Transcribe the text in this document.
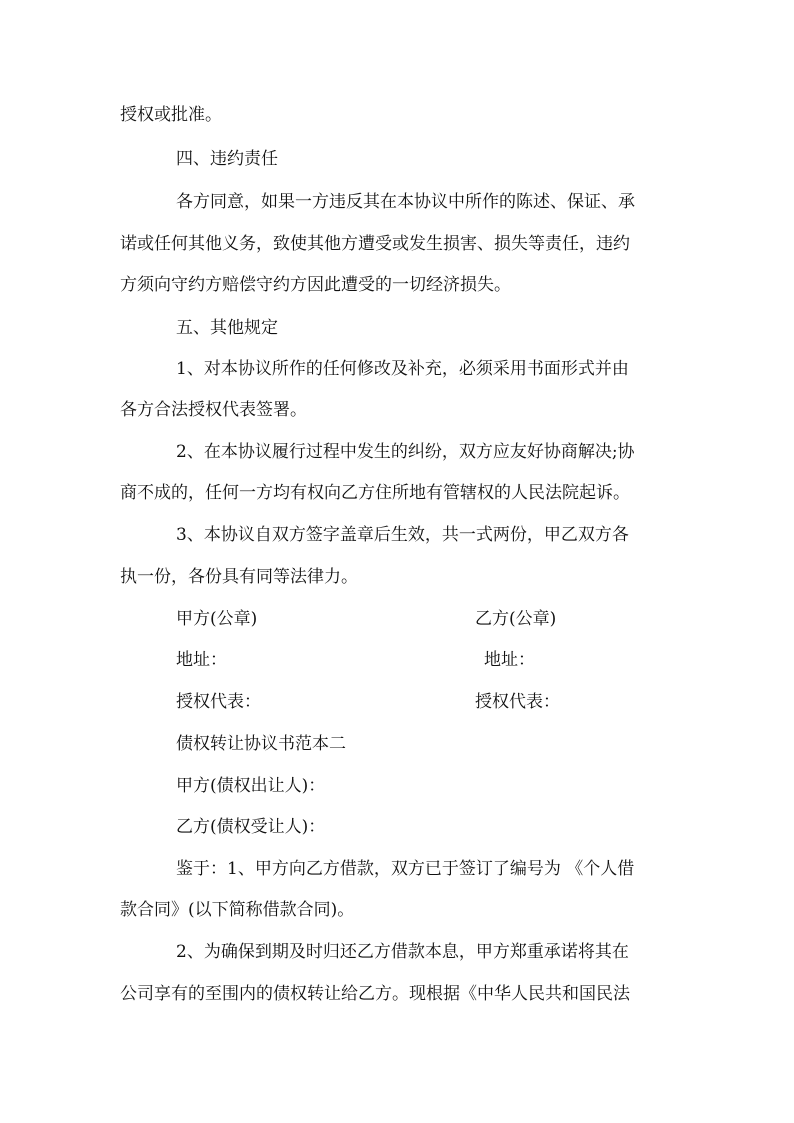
授权或批准。
四、违约责任
各方同意，如果一方违反其在本协议中所作的陈述、保证、承
诺或任何其他义务，致使其他方遭受或发生损害、损失等责任，违约
方须向守约方赔偿守约方因此遭受的一切经济损失。
五、其他规定
1、对本协议所作的任何修改及补充，必须采用书面形式并由
各方合法授权代表签署。
2、在本协议履行过程中发生的纠纷，双方应友好协商解决;协
商不成的，任何一方均有权向乙方住所地有管辖权的人民法院起诉。
3、本协议自双方签字盖章后生效，共一式两份，甲乙双方各
执一份，各份具有同等法律力。
甲方(公章)	乙方(公章)
地址：	地址：
授权代表：	授权代表：
债权转让协议书范本二
甲方(债权出让人)：
乙方(债权受让人)：
鉴于：1、甲方向乙方借款，双方已于签订了编号为 《个人借
款合同》(以下简称借款合同)。
2、为确保到期及时归还乙方借款本息，甲方郑重承诺将其在
公司享有的至围内的债权转让给乙方。现根据《中华人民共和国民法
